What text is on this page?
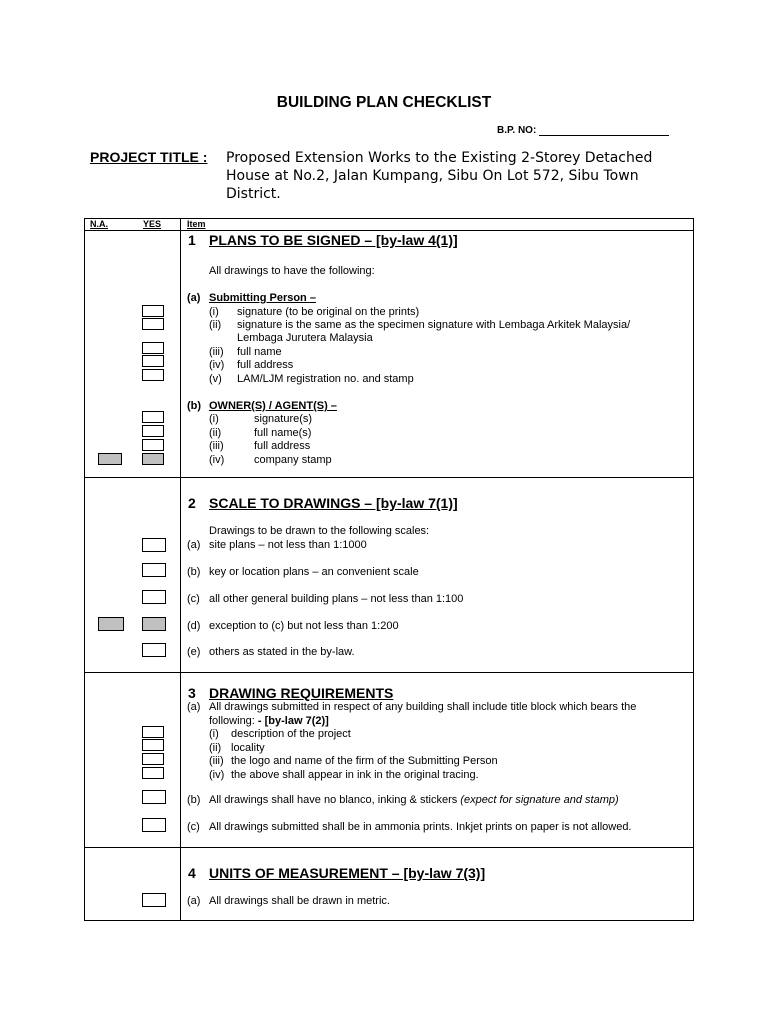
BUILDING PLAN CHECKLIST
B.P. NO:
PROJECT TITLE : Proposed Extension Works to the Existing 2-Storey Detached House at No.2, Jalan Kumpang, Sibu On Lot 572, Sibu Town District.
N.A.	YES	Item
1 PLANS TO BE SIGNED – [by-law 4(1)]
All drawings to have the following:
(a) Submitting Person –
(i) signature (to be original on the prints)
(ii) signature is the same as the specimen signature with Lembaga Arkitek Malaysia/
Lembaga Jurutera Malaysia
(iii) full name
(iv) full address
(v) LAM/LJM registration no. and stamp
(b) OWNER(S) / AGENT(S) –
(i)	signature(s)
(ii)	full name(s)
(iii)	full address
(iv)	company stamp
2 SCALE TO DRAWINGS – [by-law 7(1)]
Drawings to be drawn to the following scales:
(a) site plans – not less than 1:1000
(b) key or location plans – an convenient scale
(c) all other general building plans – not less than 1:100
(d) exception to (c) but not less than 1:200
(e) others as stated in the by-law.
3 DRAWING REQUIREMENTS
(a) All drawings submitted in respect of any building shall include title block which bears the
following: - [by-law 7(2)]
(i) description of the project
(ii) locality
(iii) the logo and name of the firm of the Submitting Person
(iv) the above shall appear in ink in the original tracing.
(b) All drawings shall have no blanco, inking & stickers (expect for signature and stamp)
(c) All drawings submitted shall be in ammonia prints. Inkjet prints on paper is not allowed.
4 UNITS OF MEASUREMENT – [by-law 7(3)]
(a) All drawings shall be drawn in metric.
